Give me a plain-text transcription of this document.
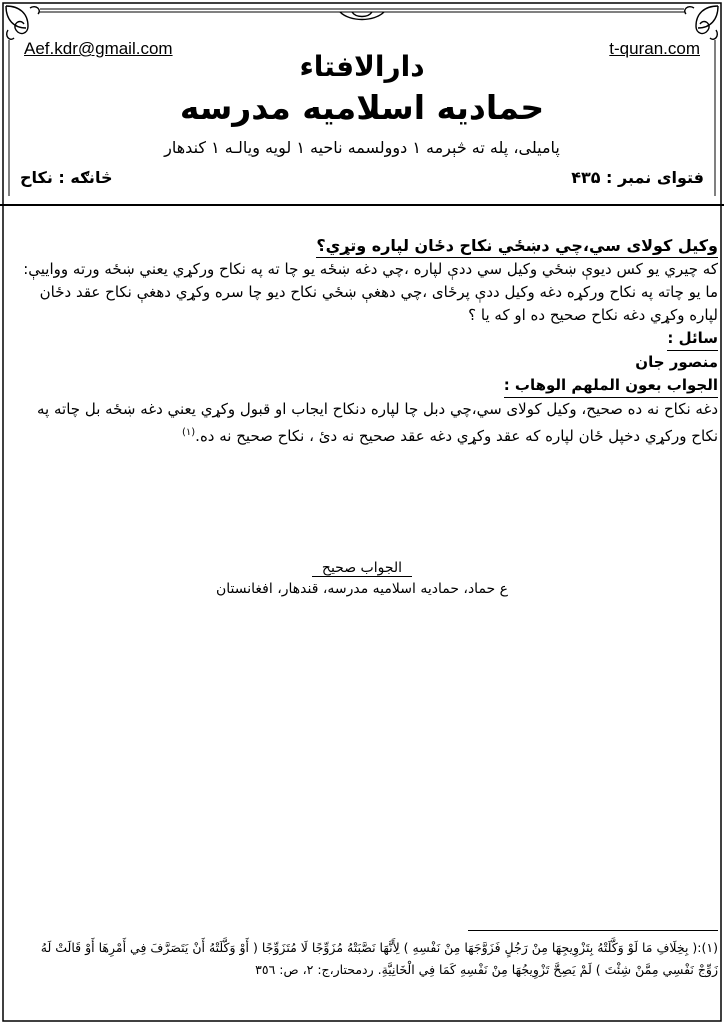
Aef.kdr@gmail.com	t-quran.com
دارالافتاء
حمادیه اسلامیه مدرسه
پاميلی، پله ته څېرمه ١ دوولسمه ناحيه ١ لويه ويالـه ١ کندهار
فتوای نمبر : ۴۳۵
څانګه : نکاح
وکیل کولای سي،چي دښځي نکاح دځان لپاره وتړي؟

که چيري يو کس ديوې ښځي وکيل سي ددې لپاره ،چي دغه ښځه يو چا ته په نکاح ورکړي يعني ښځه ورته وواييې:

ما يو چاته په نکاح ورکړه دغه وکيل ددې پرځای ،چي دهغې ښځي نکاح ديو چا سره وکړي دهغې نکاح عقد دځان

لپاره وکړي دغه نکاح صحيح ده او که يا ؟

سائل :
منصور جان
الجواب بعون الملهم الوهاب :

دغه نکاح نه ده صحيح، وکيل کولای سي،چي دبل چا لپاره دنکاح ايجاب او قبول وکړي يعني دغه ښځه بل چاته په

نکاح ورکړي دخپل ځان لپاره که عقد وکړي دغه عقد صحيح نه دئ ، نکاح صحيح نه ده.$^{(١)}$

الجواب صحيح
ع حماد، حماديه اسلاميه مدرسه، قندهار، افغانستان
(١):( بِخِلَافِ مَا لَوْ وَكَّلَتْهُ بِتَزْوِيجِهَا مِنْ رَجُلٍ فَزَوَّجَهَا مِنْ نَفْسِهِ ) لِأَنَّهَا نَصَّبَتْهُ مُزَوِّجًا لَا مُتَزَوِّجًا ( أَوْ وَكَّلَتْهُ أَنْ يَتَصَرَّفَ فِي أَمْرِهَا أَوْ قَالَتْ لَهُ
زَوِّجْ نَفْسِي مِمَّنْ شِئْتَ ) لَمْ يَصِحَّ تَزْوِيجُهَا مِنْ نَفْسِهِ كَمَا فِي الْخَانِيَّةِ. ردمحتار،ج: ٢، ص: ٣٥٦
